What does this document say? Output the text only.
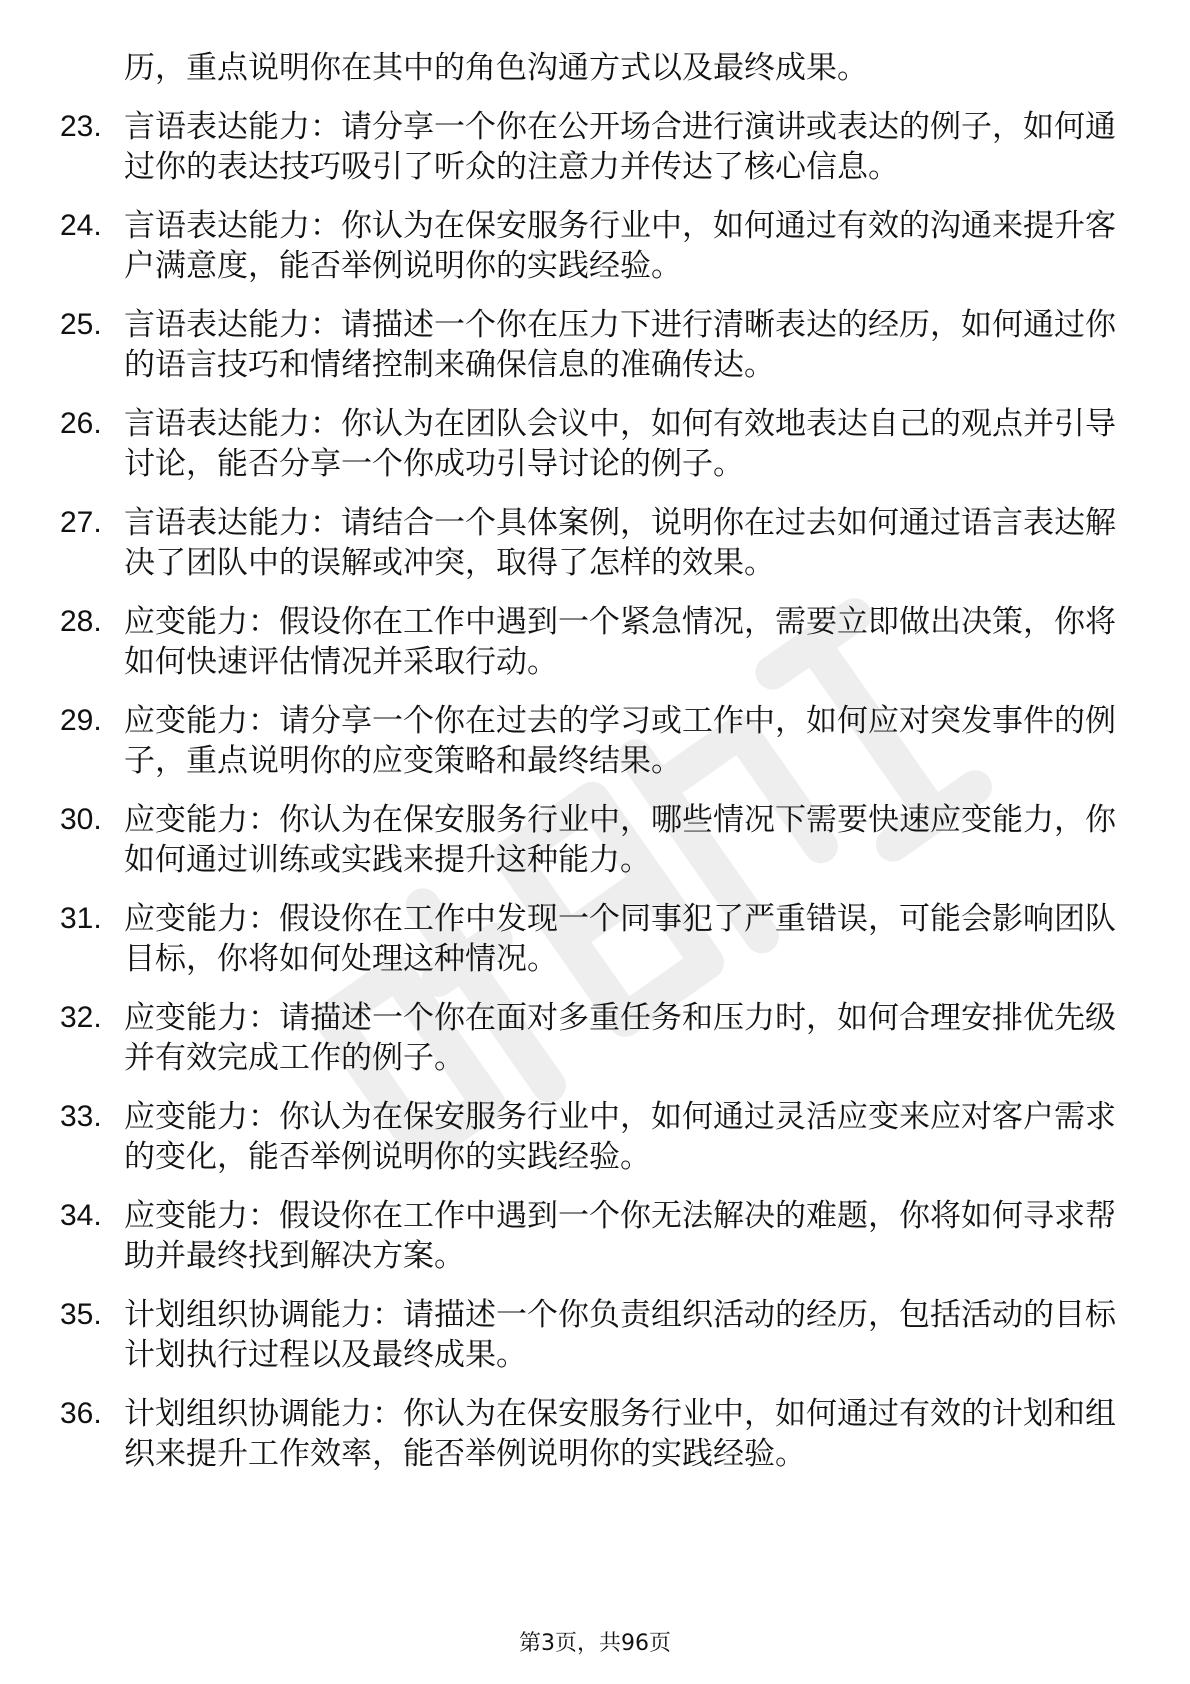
历，重点说明你在其中的角色沟通方式以及最终成果。
23. 言语表达能力：请分享一个你在公开场合进行演讲或表达的例子，如何通过你的表达技巧吸引了听众的注意力并传达了核心信息。
24. 言语表达能力：你认为在保安服务行业中，如何通过有效的沟通来提升客户满意度，能否举例说明你的实践经验。
25. 言语表达能力：请描述一个你在压力下进行清晰表达的经历，如何通过你的语言技巧和情绪控制来确保信息的准确传达。
26. 言语表达能力：你认为在团队会议中，如何有效地表达自己的观点并引导讨论，能否分享一个你成功引导讨论的例子。
27. 言语表达能力：请结合一个具体案例，说明你在过去如何通过语言表达解决了团队中的误解或冲突，取得了怎样的效果。
28. 应变能力：假设你在工作中遇到一个紧急情况，需要立即做出决策，你将如何快速评估情况并采取行动。
29. 应变能力：请分享一个你在过去的学习或工作中，如何应对突发事件的例子，重点说明你的应变策略和最终结果。
30. 应变能力：你认为在保安服务行业中，哪些情况下需要快速应变能力，你如何通过训练或实践来提升这种能力。
31. 应变能力：假设你在工作中发现一个同事犯了严重错误，可能会影响团队目标，你将如何处理这种情况。
32. 应变能力：请描述一个你在面对多重任务和压力时，如何合理安排优先级并有效完成工作的例子。
33. 应变能力：你认为在保安服务行业中，如何通过灵活应变来应对客户需求的变化，能否举例说明你的实践经验。
34. 应变能力：假设你在工作中遇到一个你无法解决的难题，你将如何寻求帮助并最终找到解决方案。
35. 计划组织协调能力：请描述一个你负责组织活动的经历，包括活动的目标计划执行过程以及最终成果。
36. 计划组织协调能力：你认为在保安服务行业中，如何通过有效的计划和组织来提升工作效率，能否举例说明你的实践经验。
第3页，共96页
